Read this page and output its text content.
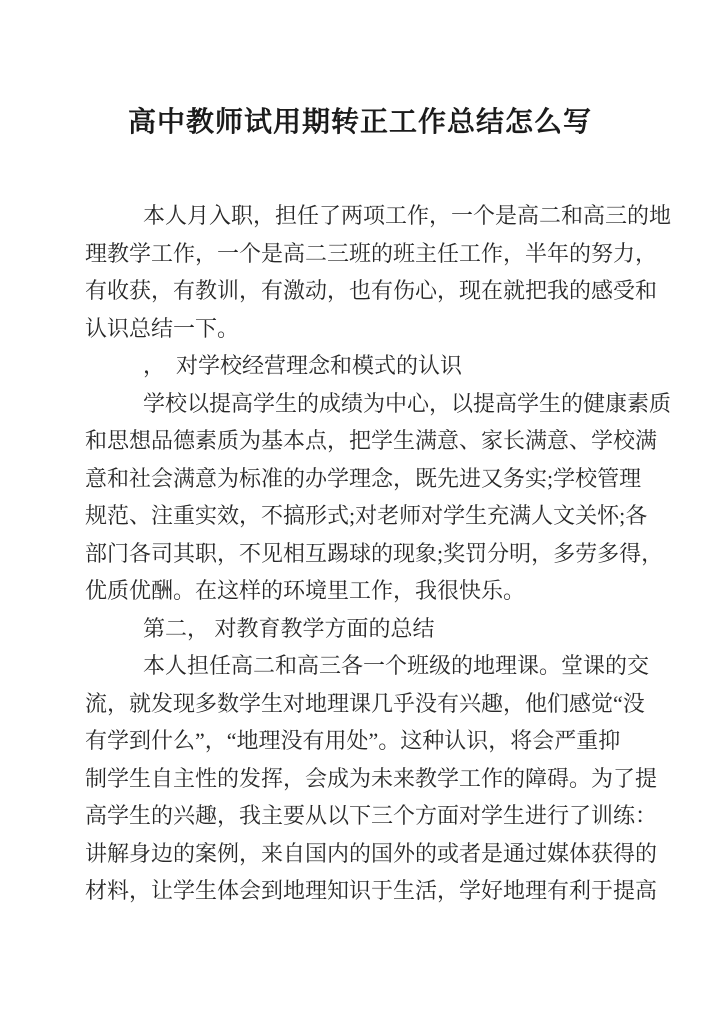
高中教师试用期转正工作总结怎么写
本人月入职，担任了两项工作，一个是高二和高三的地
理教学工作，一个是高二三班的班主任工作，半年的努力，
有收获，有教训，有激动，也有伤心，现在就把我的感受和
认识总结一下。
，  对学校经营理念和模式的认识
学校以提高学生的成绩为中心，以提高学生的健康素质
和思想品德素质为基本点，把学生满意、家长满意、学校满
意和社会满意为标准的办学理念，既先进又务实;学校管理
规范、注重实效，不搞形式;对老师对学生充满人文关怀;各
部门各司其职，不见相互踢球的现象;奖罚分明，多劳多得，
优质优酬。在这样的环境里工作，我很快乐。
第二， 对教育教学方面的总结
本人担任高二和高三各一个班级的地理课。堂课的交
流，就发现多数学生对地理课几乎没有兴趣，他们感觉“没
有学到什么”，“地理没有用处”。这种认识，将会严重抑
制学生自主性的发挥，会成为未来教学工作的障碍。为了提
高学生的兴趣，我主要从以下三个方面对学生进行了训练：
讲解身边的案例，来自国内的国外的或者是通过媒体获得的
材料，让学生体会到地理知识于生活，学好地理有利于提高
